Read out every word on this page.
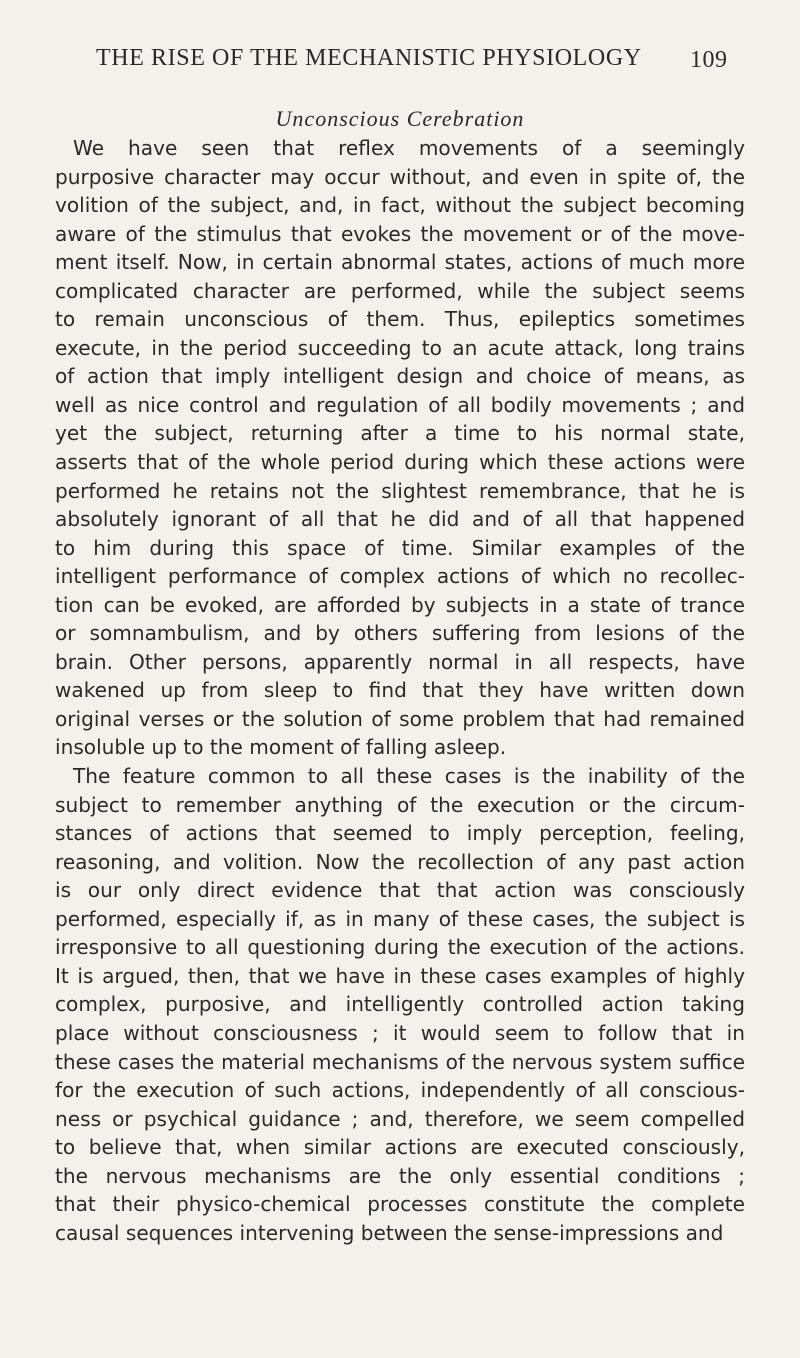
THE RISE OF THE MECHANISTIC PHYSIOLOGY	109
Unconscious Cerebration
We have seen that reflex movements of a seemingly
purposive character may occur without, and even in spite of, the
volition of the subject, and, in fact, without the subject becoming
aware of the stimulus that evokes the movement or of the move-
ment itself. Now, in certain abnormal states, actions of much more
complicated character are performed, while the subject seems
to remain unconscious of them. Thus, epileptics sometimes
execute, in the period succeeding to an acute attack, long trains
of action that imply intelligent design and choice of means, as
well as nice control and regulation of all bodily movements ; and
yet the subject, returning after a time to his normal state,
asserts that of the whole period during which these actions were
performed he retains not the slightest remembrance, that he is
absolutely ignorant of all that he did and of all that happened
to him during this space of time. Similar examples of the
intelligent performance of complex actions of which no recollec-
tion can be evoked, are afforded by subjects in a state of trance
or somnambulism, and by others suffering from lesions of the
brain. Other persons, apparently normal in all respects, have
wakened up from sleep to find that they have written down
original verses or the solution of some problem that had remained
insoluble up to the moment of falling asleep.
The feature common to all these cases is the inability of the
subject to remember anything of the execution or the circum-
stances of actions that seemed to imply perception, feeling,
reasoning, and volition. Now the recollection of any past action
is our only direct evidence that that action was consciously
performed, especially if, as in many of these cases, the subject is
irresponsive to all questioning during the execution of the actions.
It is argued, then, that we have in these cases examples of highly
complex, purposive, and intelligently controlled action taking
place without consciousness ; it would seem to follow that in
these cases the material mechanisms of the nervous system suffice
for the execution of such actions, independently of all conscious-
ness or psychical guidance ; and, therefore, we seem compelled
to believe that, when similar actions are executed consciously,
the nervous mechanisms are the only essential conditions ;
that their physico-chemical processes constitute the complete
causal sequences intervening between the sense-impressions and
